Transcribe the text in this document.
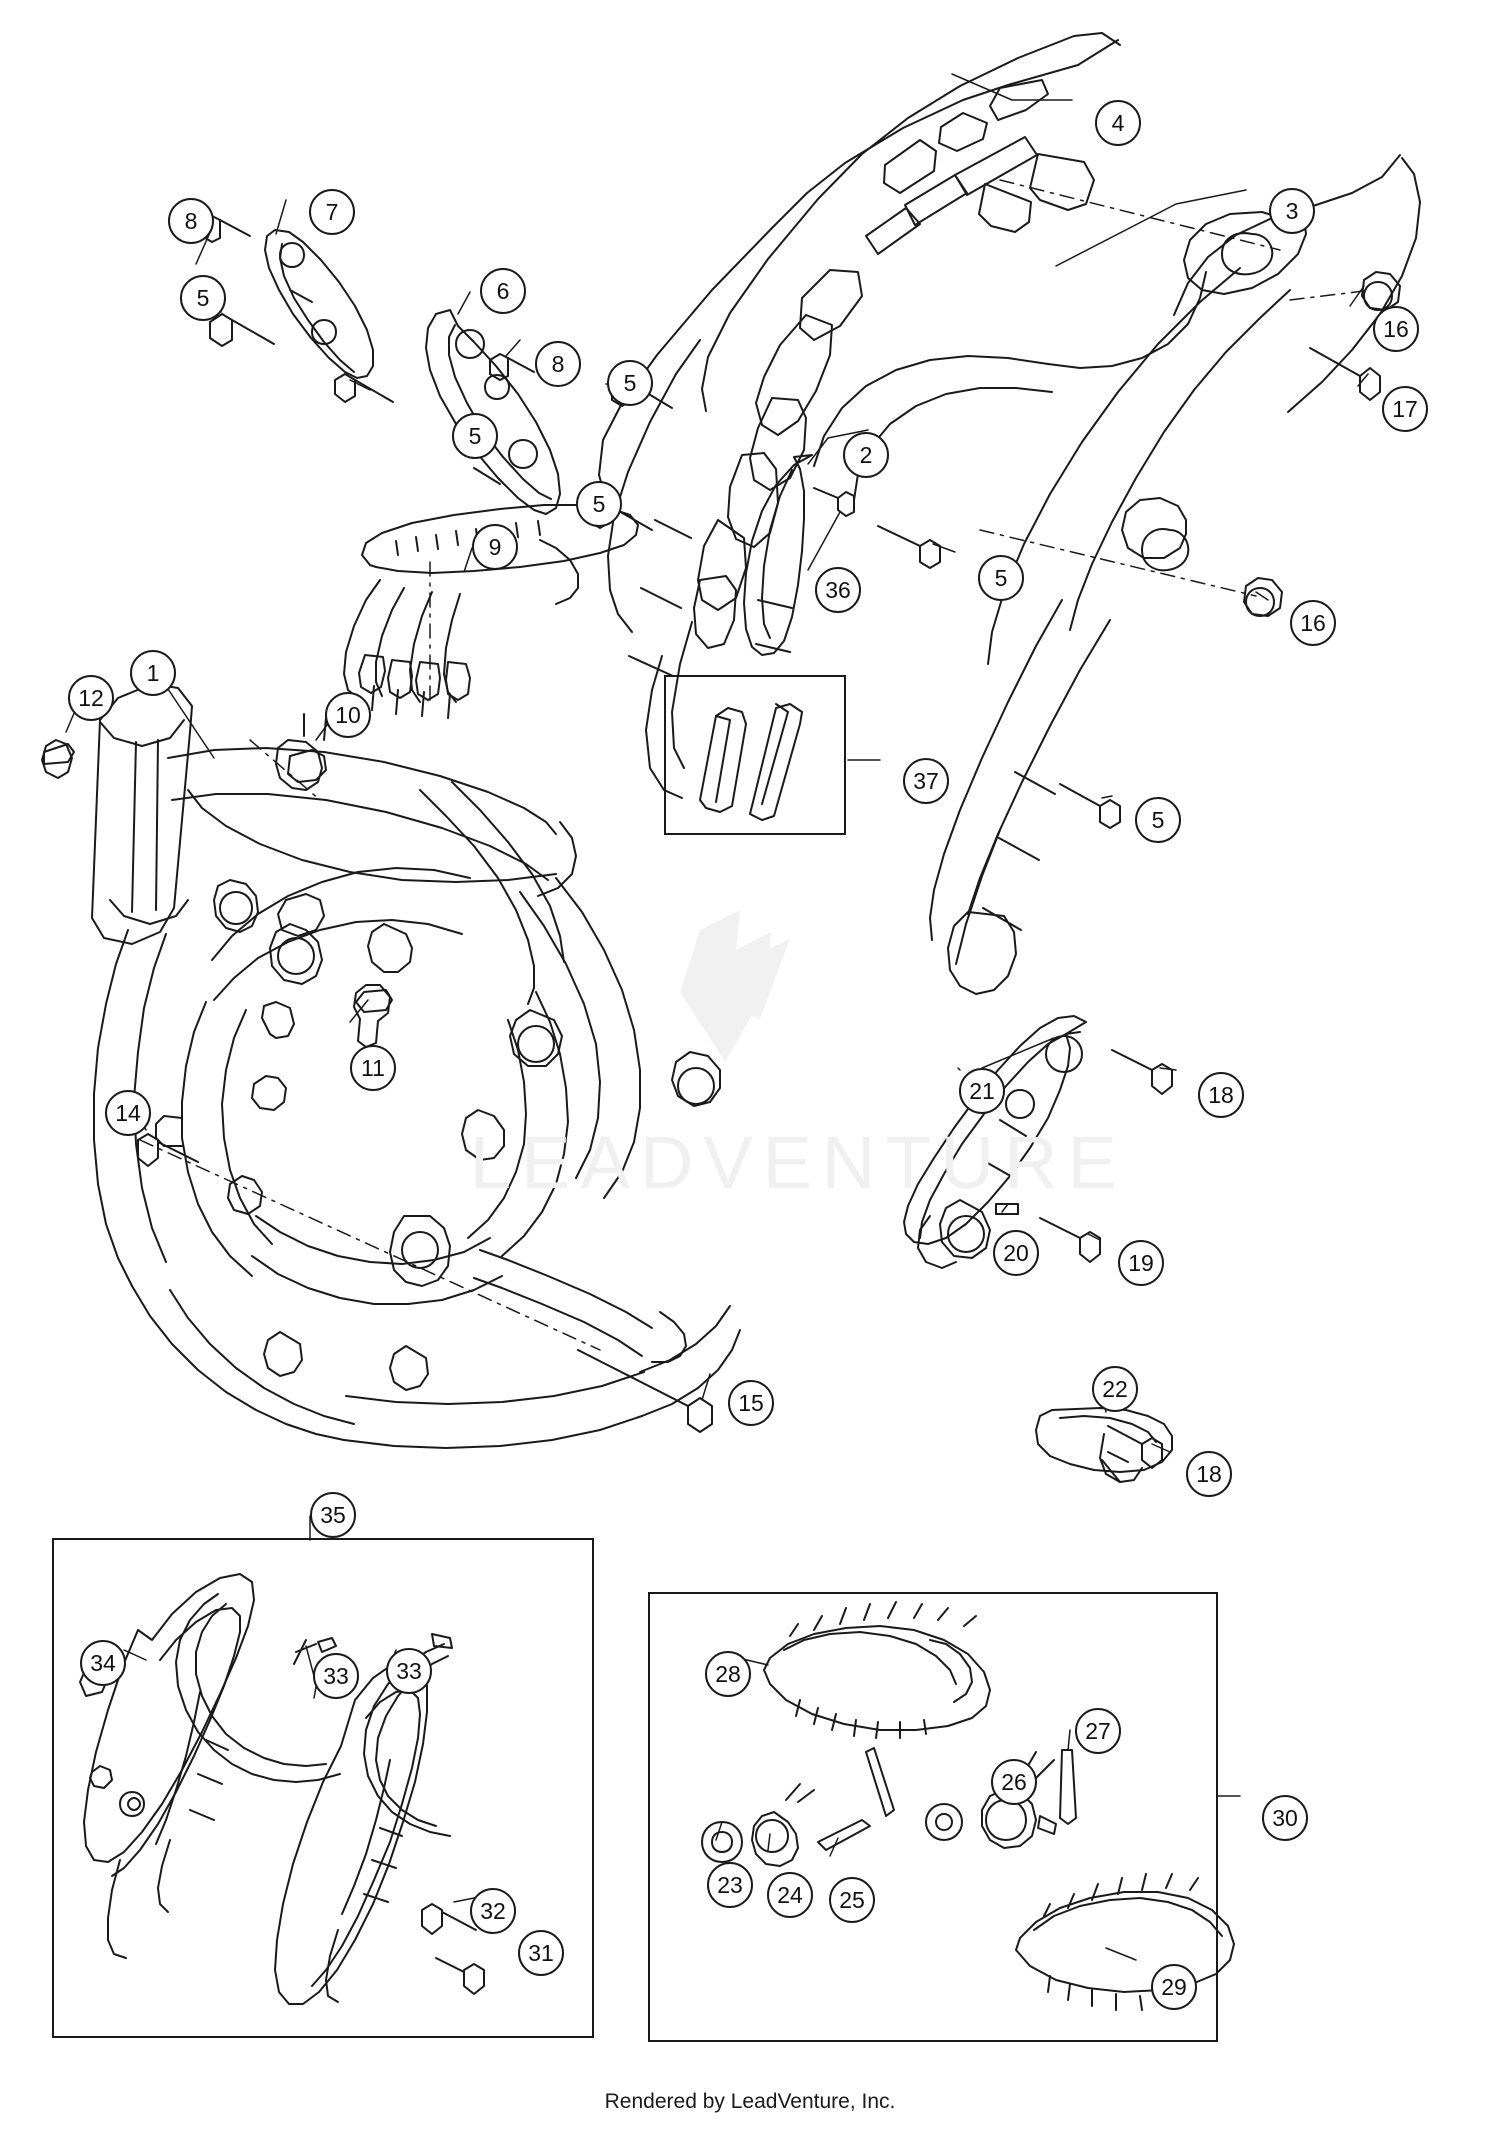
LEADVENTURE
1
2
3
4
5
5
5
5
5
5
6
7
8
8
9
10
11
12
14
15
16
16
17
18
18
19
20
21
22
23	24	25
26
27
28
29
30
31
32
33	33
34
35
36
37
Rendered by LeadVenture, Inc.
